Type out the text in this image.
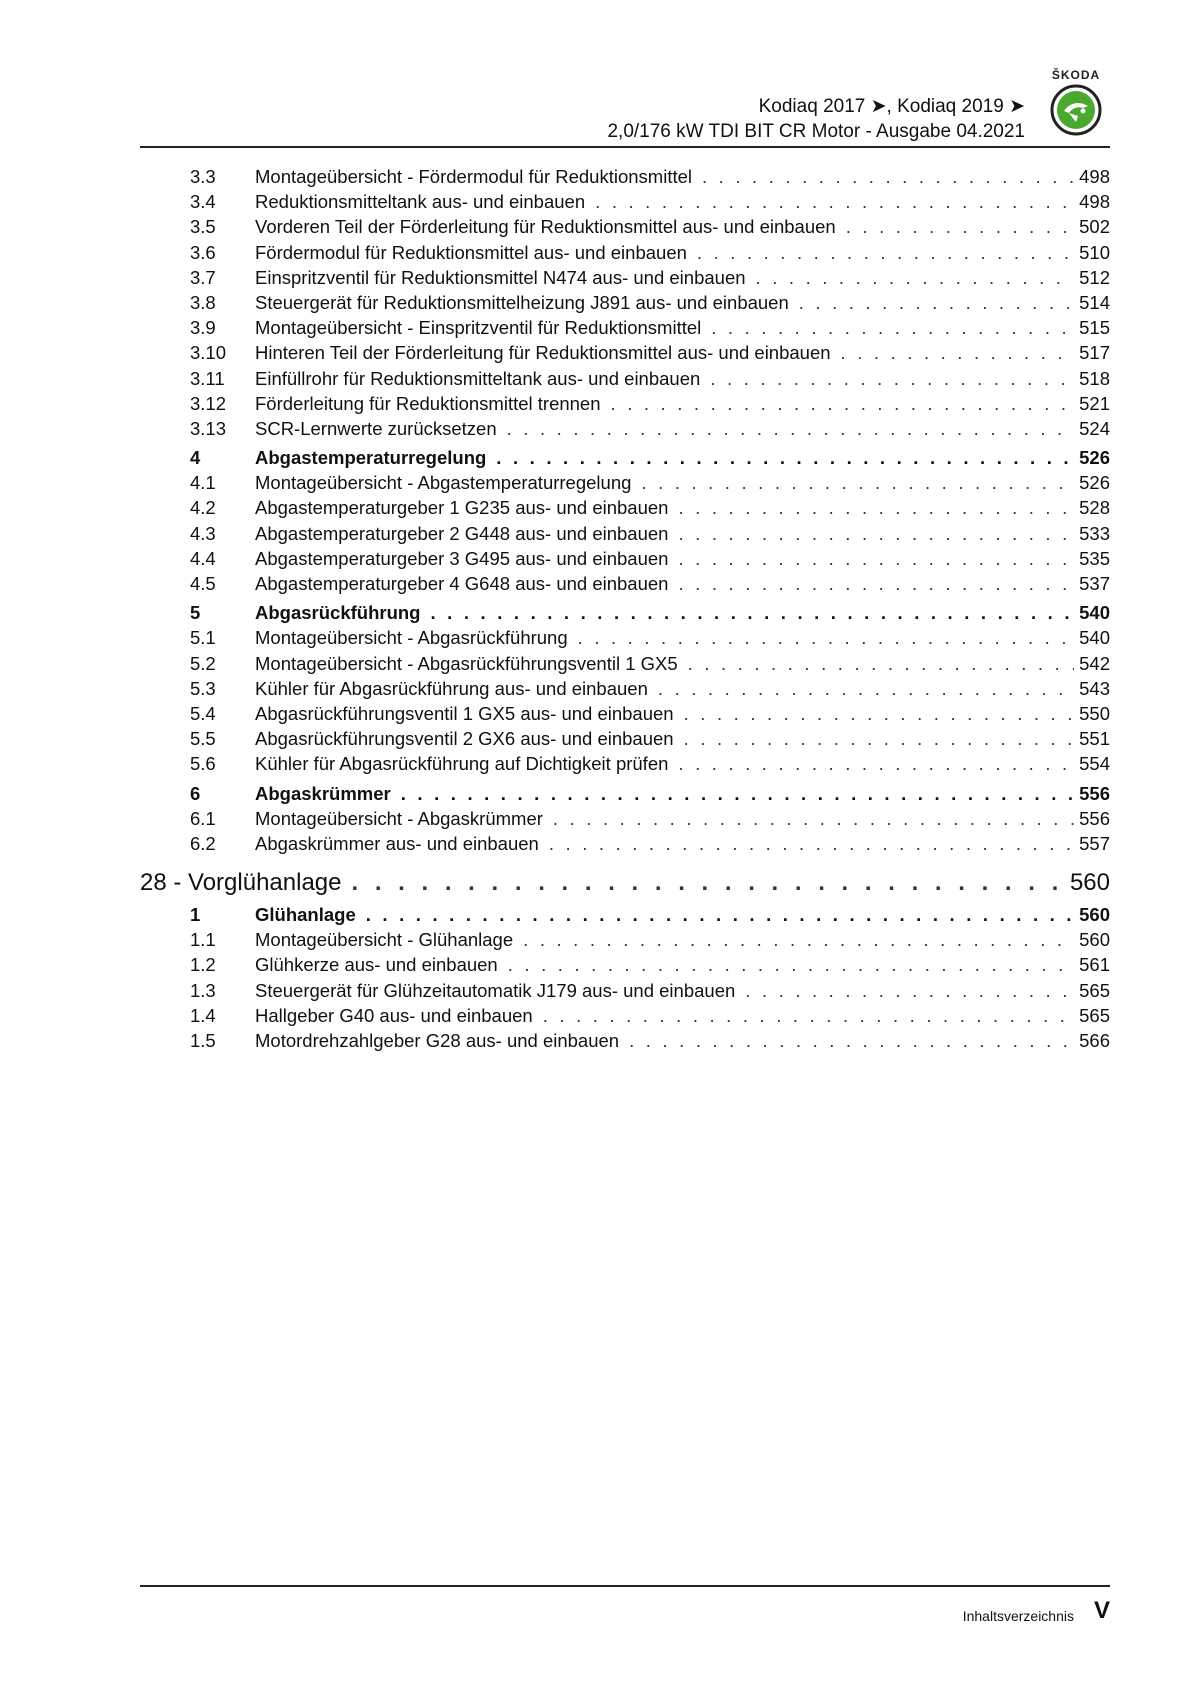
Kodiaq 2017 ➤, Kodiaq 2019 ➤
2,0/176 kW TDI BIT CR Motor - Ausgabe 04.2021
ŠKODA
3.3 Montageübersicht - Fördermodul für Reduktionsmittel . . .	498
3.4 Reduktionsmitteltank aus- und einbauen . . .	498
3.5 Vorderen Teil der Förderleitung für Reduktionsmittel aus- und einbauen . . .	502
3.6 Fördermodul für Reduktionsmittel aus- und einbauen . . .	510
3.7 Einspritzventil für Reduktionsmittel N474 aus- und einbauen . . .	512
3.8 Steuergerät für Reduktionsmittelheizung J891 aus- und einbauen . . .	514
3.9 Montageübersicht - Einspritzventil für Reduktionsmittel . . .	515
3.10 Hinteren Teil der Förderleitung für Reduktionsmittel aus- und einbauen . . .	517
3.11 Einfüllrohr für Reduktionsmitteltank aus- und einbauen . . .	518
3.12 Förderleitung für Reduktionsmittel trennen . . .	521
3.13 SCR-Lernwerte zurücksetzen . . .	524
4	Abgastemperaturregelung . . .	526
4.1 Montageübersicht - Abgastemperaturregelung . . .	526
4.2 Abgastemperaturgeber 1 G235 aus- und einbauen . . .	528
4.3 Abgastemperaturgeber 2 G448 aus- und einbauen . . .	533
4.4 Abgastemperaturgeber 3 G495 aus- und einbauen . . .	535
4.5 Abgastemperaturgeber 4 G648 aus- und einbauen . . .	537
5	Abgasrückführung . . .	540
5.1 Montageübersicht - Abgasrückführung . . .	540
5.2 Montageübersicht - Abgasrückführungsventil 1 GX5 . . .	542
5.3 Kühler für Abgasrückführung aus- und einbauen . . .	543
5.4 Abgasrückführungsventil 1 GX5 aus- und einbauen . . .	550
5.5 Abgasrückführungsventil 2 GX6 aus- und einbauen . . .	551
5.6 Kühler für Abgasrückführung auf Dichtigkeit prüfen . . .	554
6	Abgaskrümmer . . .	556
6.1 Montageübersicht - Abgaskrümmer . . .	556
6.2 Abgaskrümmer aus- und einbauen . . .	557
28 - Vorglühanlage . . .	560
1	Glühanlage . . .	560
1.1 Montageübersicht - Glühanlage . . .	560
1.2 Glühkerze aus- und einbauen . . .	561
1.3 Steuergerät für Glühzeitautomatik J179 aus- und einbauen . . .	565
1.4 Hallgeber G40 aus- und einbauen . . .	565
1.5 Motordrehzahlgeber G28 aus- und einbauen . . .	566
Inhaltsverzeichnis V
